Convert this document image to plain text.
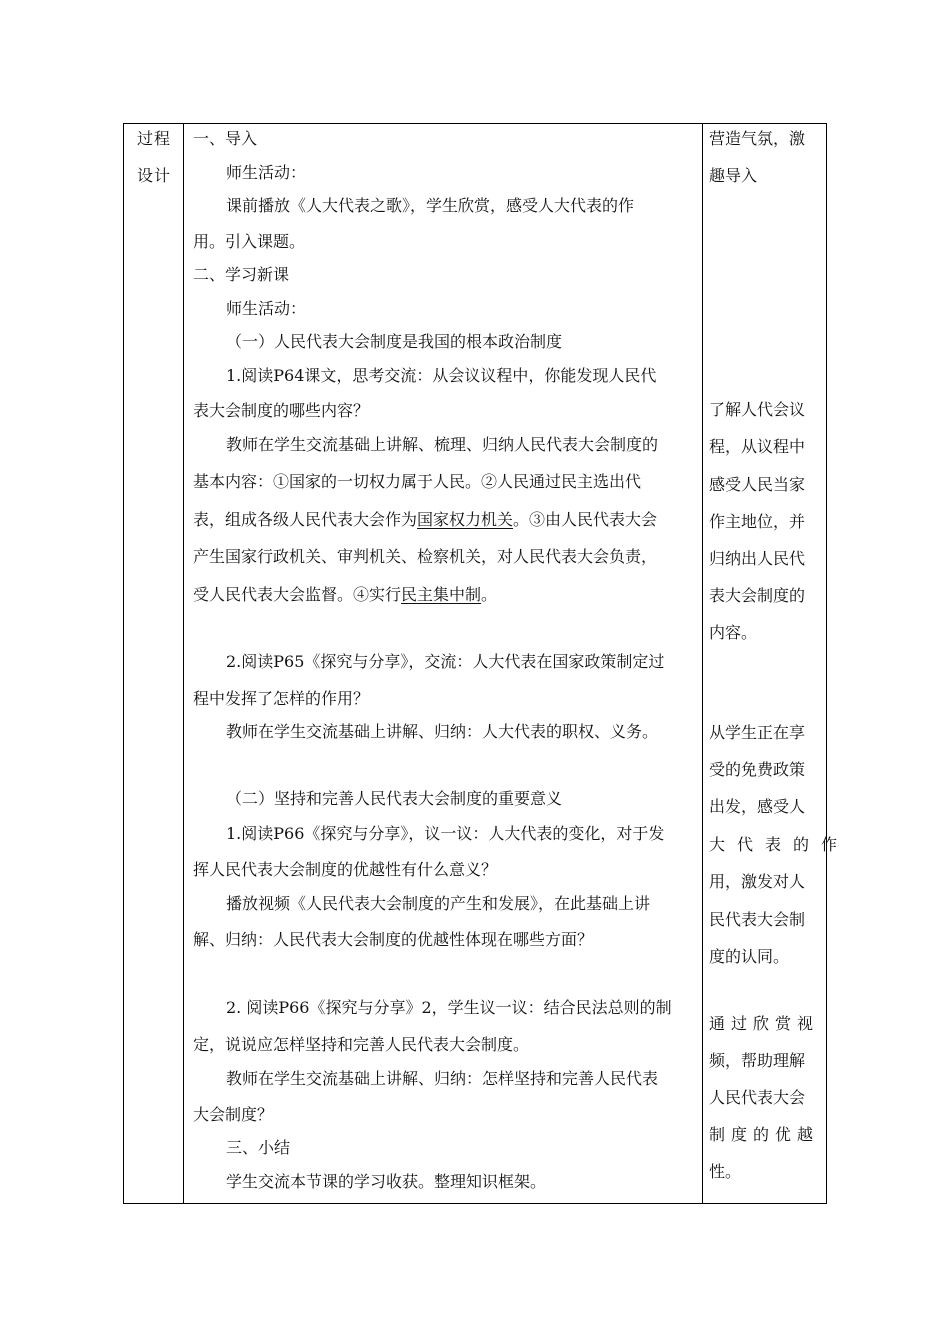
过程
设计
一、导入
师生活动：
课前播放《人大代表之歌》，学生欣赏，感受人大代表的作
用。引入课题。
二、学习新课
师生活动：
（一）人民代表大会制度是我国的根本政治制度
1.阅读P64课文，思考交流：从会议议程中，你能发现人民代
表大会制度的哪些内容？
教师在学生交流基础上讲解、梳理、归纳人民代表大会制度的
基本内容：①国家的一切权力属于人民。②人民通过民主选出代
表，组成各级人民代表大会作为国家权力机关。③由人民代表大会
产生国家行政机关、审判机关、检察机关，对人民代表大会负责，
受人民代表大会监督。④实行民主集中制。
2.阅读P65《探究与分享》，交流：人大代表在国家政策制定过
程中发挥了怎样的作用？
教师在学生交流基础上讲解、归纳：人大代表的职权、义务。
（二）坚持和完善人民代表大会制度的重要意义
1.阅读P66《探究与分享》，议一议：人大代表的变化，对于发
挥人民代表大会制度的优越性有什么意义？
播放视频《人民代表大会制度的产生和发展》，在此基础上讲
解、归纳：人民代表大会制度的优越性体现在哪些方面？
2. 阅读P66《探究与分享》2，学生议一议：结合民法总则的制
定，说说应怎样坚持和完善人民代表大会制度。
教师在学生交流基础上讲解、归纳：怎样坚持和完善人民代表
大会制度？
三、小结
学生交流本节课的学习收获。整理知识框架。
营造气氛，激
趣导入
了解人代会议
程，从议程中
感受人民当家
作主地位，并
归纳出人民代
表大会制度的
内容。
从学生正在享
受的免费政策
出发，感受人
大代表的作
用，激发对人
民代表大会制
度的认同。
通过欣赏视
频，帮助理解
人民代表大会
制度的优越
性。
